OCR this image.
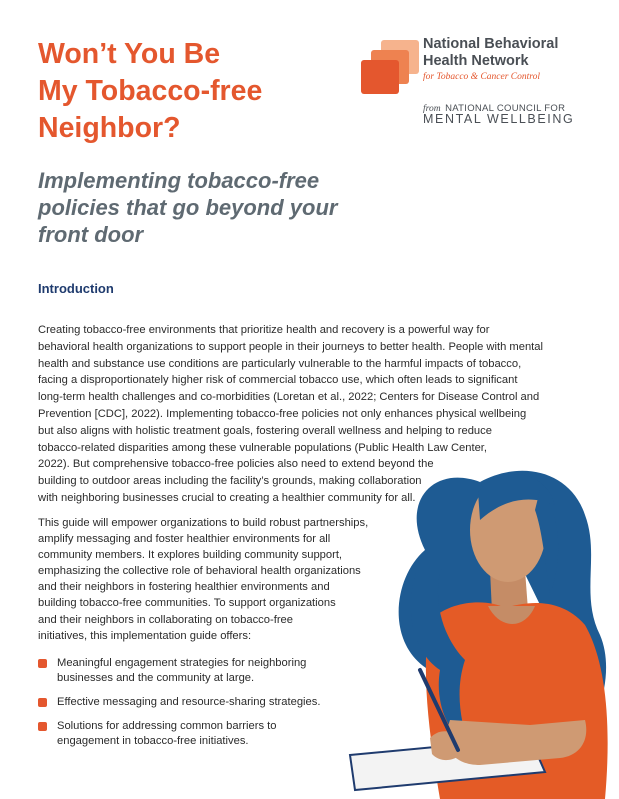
Won’t You Be
My Tobacco-free
Neighbor?
Implementing tobacco-free
policies that go beyond your
front door
National Behavioral
Health Network
for Tobacco & Cancer Control
from NATIONAL COUNCIL FOR
MENTAL WELLBEING
Introduction

Creating tobacco-free environments that prioritize health and recovery is a powerful way for
behavioral health organizations to support people in their journeys to better health. People with mental
health and substance use conditions are particularly vulnerable to the harmful impacts of tobacco,
facing a disproportionately higher risk of commercial tobacco use, which often leads to significant
long-term health challenges and co-morbidities (Loretan et al., 2022; Centers for Disease Control and
Prevention [CDC], 2022). Implementing tobacco-free policies not only enhances physical wellbeing
but also aligns with holistic treatment goals, fostering overall wellness and helping to reduce
tobacco-related disparities among these vulnerable populations (Public Health Law Center,
2022). But comprehensive tobacco-free policies also need to extend beyond the
building to outdoor areas including the facility’s grounds, making collaboration
with neighboring businesses crucial to creating a healthier community for all.

This guide will empower organizations to build robust partnerships,
amplify messaging and foster healthier environments for all
community members. It explores building community support,
emphasizing the collective role of behavioral health organizations
and their neighbors in fostering healthier environments and
building tobacco-free communities. To support organizations
and their neighbors in collaborating on tobacco-free
initiatives, this implementation guide offers:

Meaningful engagement strategies for neighboring
businesses and the community at large.
Effective messaging and resource-sharing strategies.
Solutions for addressing common barriers to
engagement in tobacco-free initiatives.
